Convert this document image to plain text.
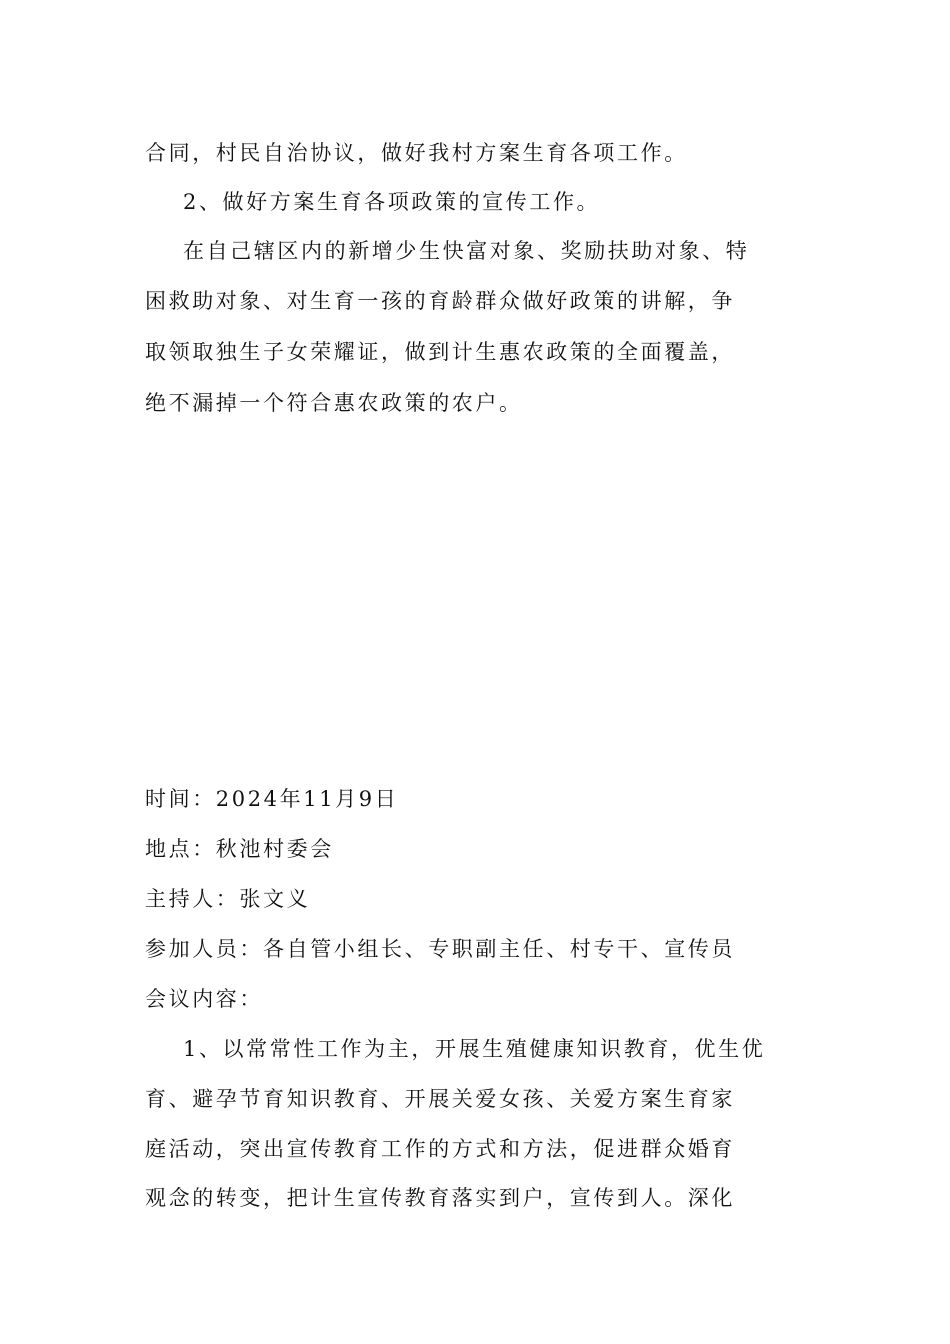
合同，村民自治协议，做好我村方案生育各项工作。
2、做好方案生育各项政策的宣传工作。
在自己辖区内的新增少生快富对象、奖励扶助对象、特
困救助对象、对生育一孩的育龄群众做好政策的讲解，争
取领取独生子女荣耀证，做到计生惠农政策的全面覆盖，
绝不漏掉一个符合惠农政策的农户。
时间：2024年11月9日
地点：秋池村委会
主持人：张文义
参加人员：各自管小组长、专职副主任、村专干、宣传员
会议内容：
1、以常常性工作为主，开展生殖健康知识教育，优生优
育、避孕节育知识教育、开展关爱女孩、关爱方案生育家
庭活动，突出宣传教育工作的方式和方法，促进群众婚育
观念的转变，把计生宣传教育落实到户，宣传到人。深化
